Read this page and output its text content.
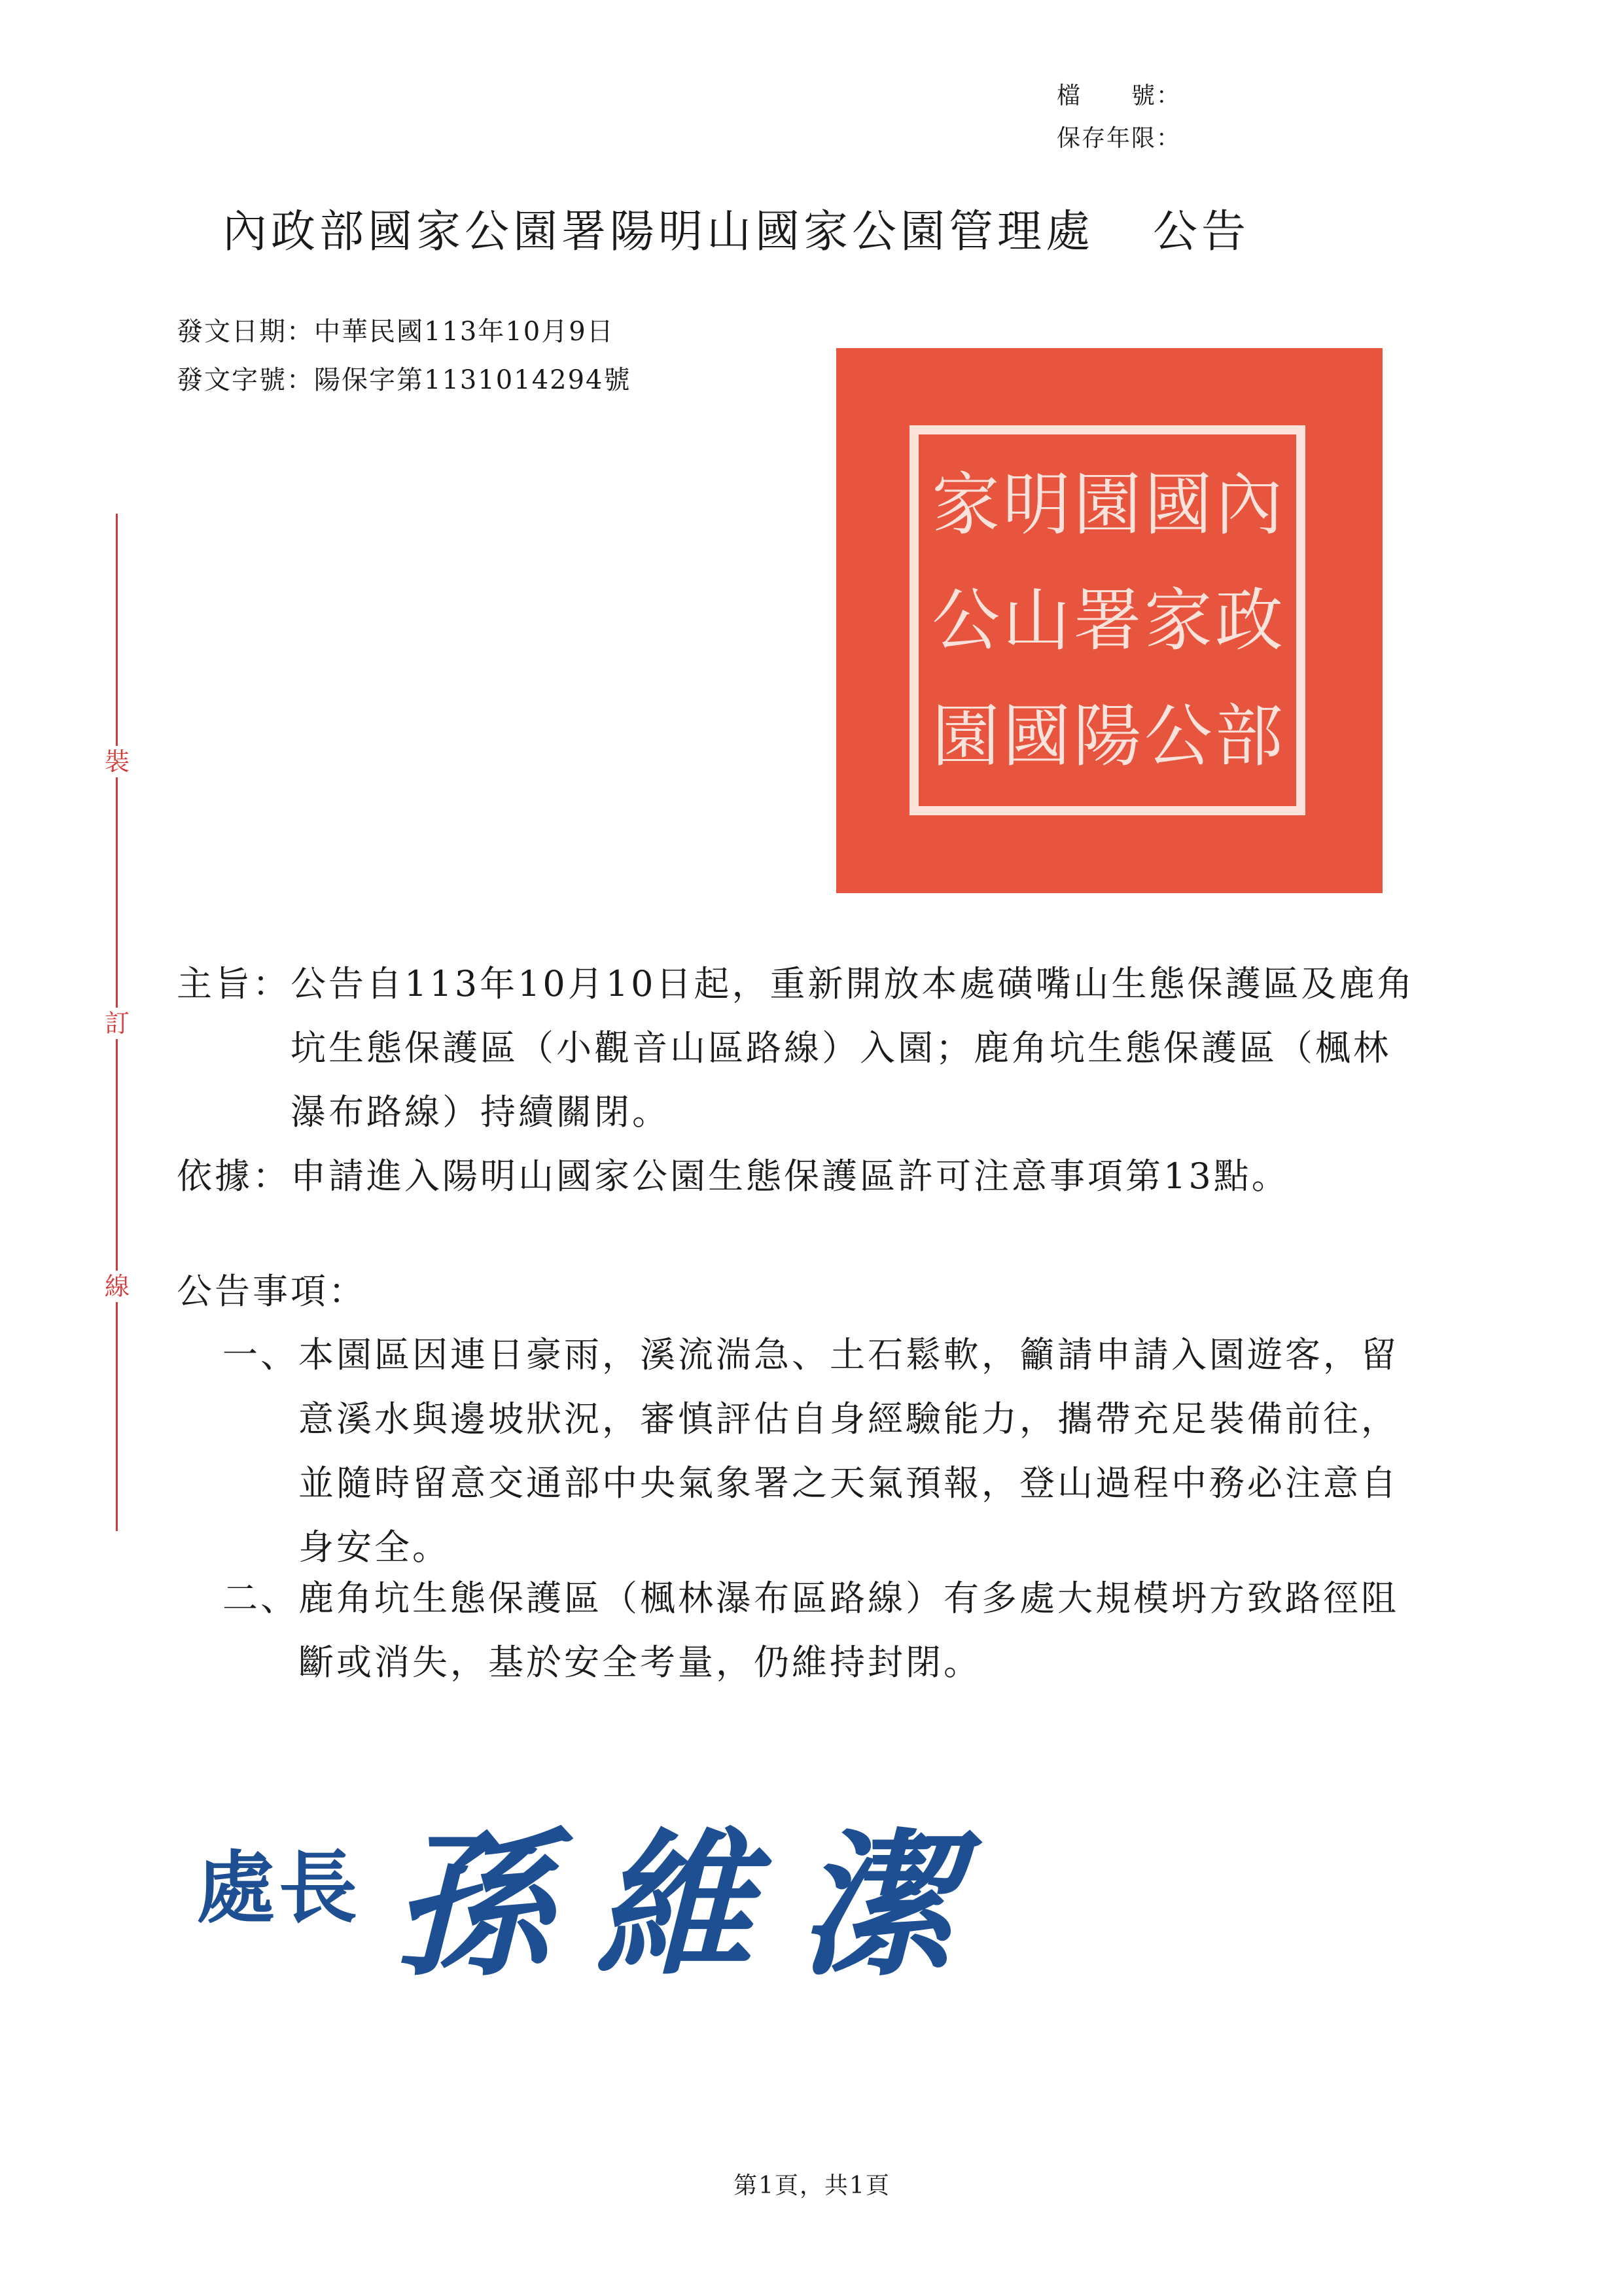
檔　　號：
保存年限：
內政部國家公園署陽明山國家公園管理處 公告
發文日期：中華民國113年10月9日
發文字號：陽保字第1131014294號
裝
訂
線
內
政
部
國
家
公
園
署
陽
明
山
國
家
公
園
主旨： 公告自113年10月10日起，重新開放本處磺嘴山生態保護區及鹿角坑生態保護區（小觀音山區路線）入園；鹿角坑生態保護區（楓林瀑布路線）持續關閉。
依據： 申請進入陽明山國家公園生態保護區許可注意事項第13點。
公告事項：
一、 本園區因連日豪雨，溪流湍急、土石鬆軟，籲請申請入園遊客，留意溪水與邊坡狀況，審慎評估自身經驗能力，攜帶充足裝備前往，並隨時留意交通部中央氣象署之天氣預報，登山過程中務必注意自身安全。
二、 鹿角坑生態保護區（楓林瀑布區路線）有多處大規模坍方致路徑阻斷或消失，基於安全考量，仍維持封閉。
處長 孫維潔
第1頁，共1頁
